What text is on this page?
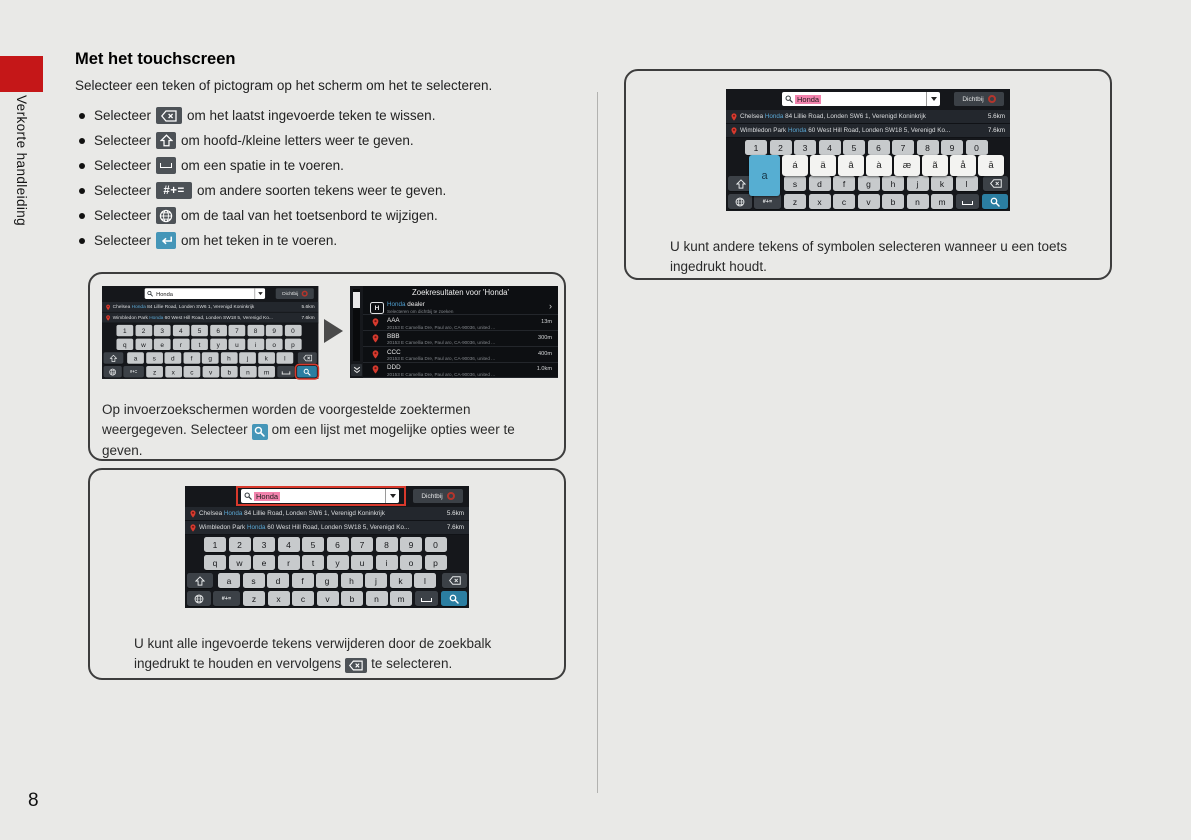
Verkorte handleiding
8
Met het touchscreen

Selecteer een teken of pictogram op het scherm om het te selecteren.

Selecteer	om het laatst ingevoerde teken te wissen.
Selecteer om hoofd-/kleine letters weer te geven.
Selecteer om een spatie in te voeren.
Selecteer	#+= om andere soorten tekens weer te geven.
Selecteer om de taal van het toetsenbord te wijzigen.
Selecteer om het teken in te voeren.
Honda	Dichtbij
Chelsea Honda 84 Lillie Road, Londen SW6 1, Verenigd Koninkrijk	5.6km
Wimbledon Park Honda 60 West Hill Road, Londen SW18 5, Verenigd Ko...	7.6km
1 2 3 4 5 6 7 8 9 0
q w e r t y u i o p
a s d f g h j k l
#+= z x c v b n m
Zoekresultaten voor 'Honda'
H	Honda dealer
Selecteren om dichtbij te zoeken	›
AAA
20153 E Camellia Dre, Paul aro, CA-90036, united ...
13m
BBB
20153 E Camellia Dre, Paul aro, CA-90036, united ...
300m
CCC
20153 E Camellia Dre, Paul aro, CA-90036, united ...
400m
DDD
20153 E Camellia Dre, Paul aro, CA-90036, united ...
1.0km

Op invoerzoekschermen worden de voorgestelde zoektermen weergegeven. Selecteer om een lijst met mogelijke opties weer te geven.

Honda	Dichtbij
Chelsea Honda 84 Lillie Road, Londen SW6 1, Verenigd Koninkrijk	5.6km
Wimbledon Park Honda 60 West Hill Road, Londen SW18 5, Verenigd Ko...	7.6km
1 2 3 4 5 6 7 8 9 0
q w e r	t y u i o p
a s d f g h j	k	l
#+= z x c v b n m

U kunt alle ingevoerde tekens verwijderen door de zoekbalk ingedrukt te houden en vervolgens te selecteren.

Honda	Dichtbij
Chelsea Honda 84 Lillie Road, Londen SW6 1, Verenigd Koninkrijk	5.6km
Wimbledon Park Honda 60 West Hill Road, Londen SW18 5, Verenigd Ko...	7.6km
1 2 3 4 5 6 7 8 9 0
s d f g h j	k	l
#+= z x c v b n m
a
á	ä	â	à	æ	ã	å	ā

U kunt andere tekens of symbolen selecteren wanneer u een toets ingedrukt houdt.
